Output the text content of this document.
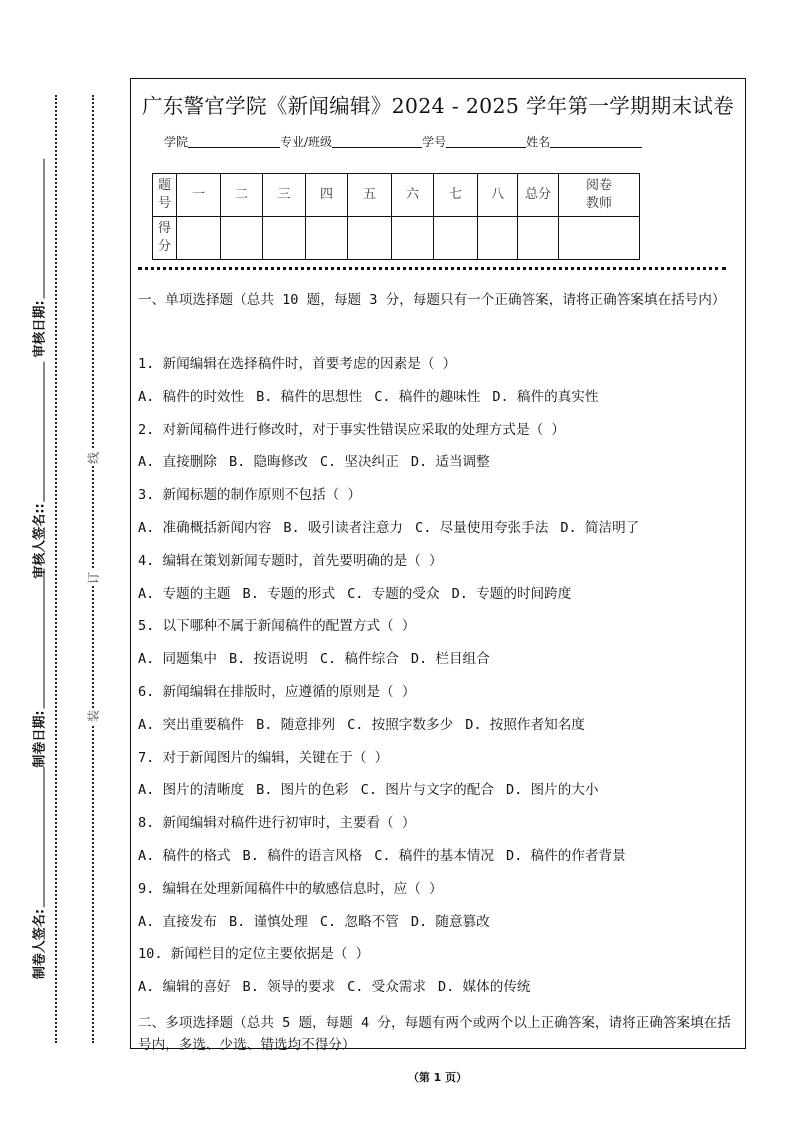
审核日期:
审核人签名::
制卷日期:
制卷人签名:
线
订
装
广东警官学院《新闻编辑》2024 - 2025 学年第一学期期末试卷
学院	专业/班级	学号	姓名
题号	一	二	三	四	五	六	七	八	总分	阅卷教师
得分										
一、单项选择题（总共 10 题，每题 3 分，每题只有一个正确答案，请将正确答案填在括号内）
1. 新闻编辑在选择稿件时，首要考虑的因素是（ ）
A. 稿件的时效性 B. 稿件的思想性 C. 稿件的趣味性 D. 稿件的真实性
2. 对新闻稿件进行修改时，对于事实性错误应采取的处理方式是（ ）
A. 直接删除 B. 隐晦修改 C. 坚决纠正 D. 适当调整
3. 新闻标题的制作原则不包括（ ）
A. 准确概括新闻内容 B. 吸引读者注意力 C. 尽量使用夸张手法 D. 简洁明了
4. 编辑在策划新闻专题时，首先要明确的是（ ）
A. 专题的主题 B. 专题的形式 C. 专题的受众 D. 专题的时间跨度
5. 以下哪种不属于新闻稿件的配置方式（ ）
A. 同题集中 B. 按语说明 C. 稿件综合 D. 栏目组合
6. 新闻编辑在排版时，应遵循的原则是（ ）
A. 突出重要稿件 B. 随意排列 C. 按照字数多少 D. 按照作者知名度
7. 对于新闻图片的编辑，关键在于（ ）
A. 图片的清晰度 B. 图片的色彩 C. 图片与文字的配合 D. 图片的大小
8. 新闻编辑对稿件进行初审时，主要看（ ）
A. 稿件的格式 B. 稿件的语言风格 C. 稿件的基本情况 D. 稿件的作者背景
9. 编辑在处理新闻稿件中的敏感信息时，应（ ）
A. 直接发布 B. 谨慎处理 C. 忽略不管 D. 随意篡改
10. 新闻栏目的定位主要依据是（ ）
A. 编辑的喜好 B. 领导的要求 C. 受众需求 D. 媒体的传统
二、多项选择题（总共 5 题，每题 4 分，每题有两个或两个以上正确答案，请将正确答案填在括号内，多选、少选、错选均不得分）
（第 1 页）
